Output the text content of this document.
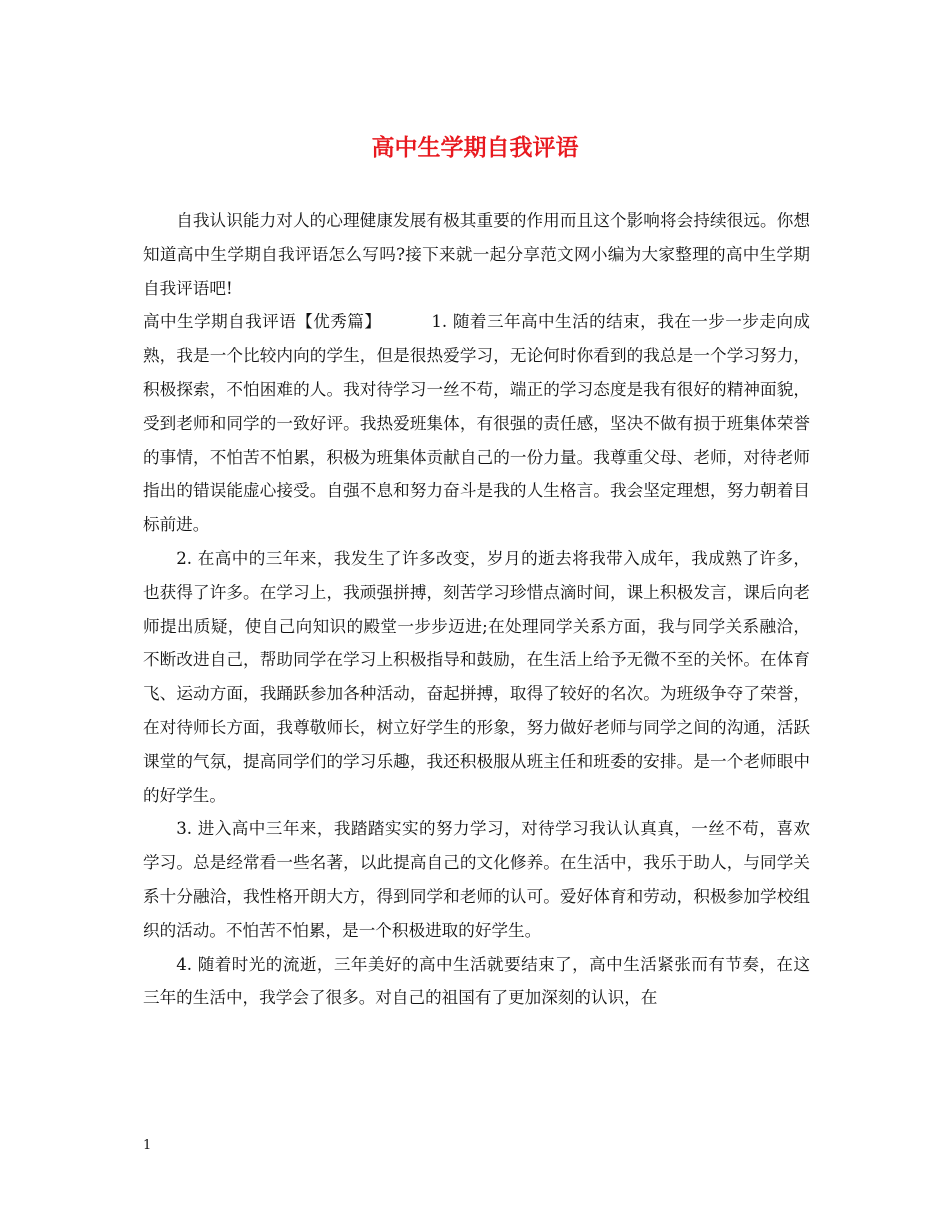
高中生学期自我评语

自我认识能力对人的心理健康发展有极其重要的作用而且这个影响将会持续很远。你想知道高中生学期自我评语怎么写吗?接下来就一起分享范文网小编为大家整理的高中生学期自我评语吧!

高中生学期自我评语【优秀篇】	1. 随着三年高中生活的结束，我在一步一步走向成熟，我是一个比较内向的学生，但是很热爱学习，无论何时你看到的我总是一个学习努力，积极探索，不怕困难的人。我对待学习一丝不苟，端正的学习态度是我有很好的精神面貌，受到老师和同学的一致好评。我热爱班集体，有很强的责任感，坚决不做有损于班集体荣誉的事情，不怕苦不怕累，积极为班集体贡献自己的一份力量。我尊重父母、老师，对待老师指出的错误能虚心接受。自强不息和努力奋斗是我的人生格言。我会坚定理想，努力朝着目标前进。

2. 在高中的三年来，我发生了许多改变，岁月的逝去将我带入成年，我成熟了许多，也获得了许多。在学习上，我顽强拼搏，刻苦学习珍惜点滴时间，课上积极发言，课后向老师提出质疑，使自己向知识的殿堂一步步迈进;在处理同学关系方面，我与同学关系融洽，不断改进自己，帮助同学在学习上积极指导和鼓励，在生活上给予无微不至的关怀。在体育飞、运动方面，我踊跃参加各种活动，奋起拼搏，取得了较好的名次。为班级争夺了荣誉，在对待师长方面，我尊敬师长，树立好学生的形象，努力做好老师与同学之间的沟通，活跃课堂的气氛，提高同学们的学习乐趣，我还积极服从班主任和班委的安排。是一个老师眼中的好学生。

3. 进入高中三年来，我踏踏实实的努力学习，对待学习我认认真真，一丝不苟，喜欢学习。总是经常看一些名著，以此提高自己的文化修养。在生活中，我乐于助人，与同学关系十分融洽，我性格开朗大方，得到同学和老师的认可。爱好体育和劳动，积极参加学校组织的活动。不怕苦不怕累，是一个积极进取的好学生。

4. 随着时光的流逝，三年美好的高中生活就要结束了，高中生活紧张而有节奏，在这三年的生活中，我学会了很多。对自己的祖国有了更加深刻的认识，在

1
